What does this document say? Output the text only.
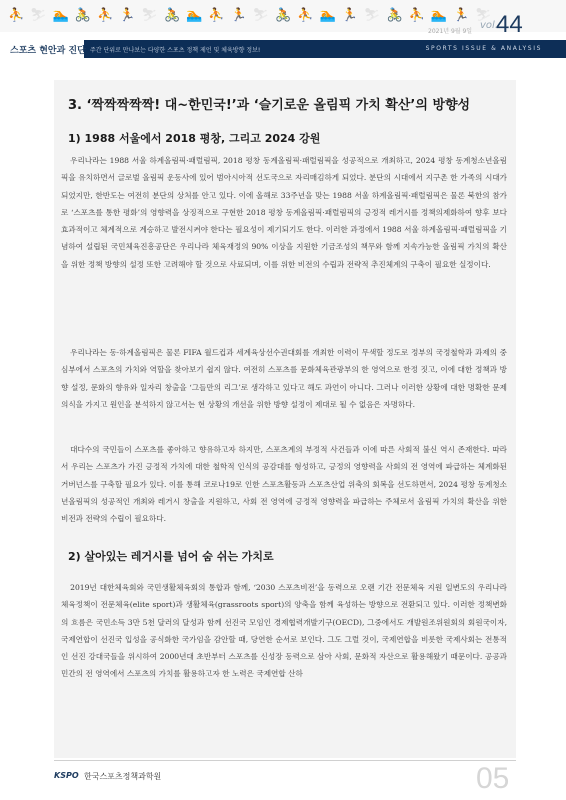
⛹⛷🏊🚴⛹🏃⛷🚴🏊⛹🏃⛷🚴⛹🏊🏃⛷🚴⛹🏊🏃⛷
2021년 9월 9일
vol.
44
스포츠 현안과 진단 주간 단위로 만나보는 다양한 스포츠 정책 제언 및 체육방향 정보!	SPORTS ISSUE & ANALYSIS
3. ‘짝짝짝짝짝! 대~한민국!’과 ‘슬기로운 올림픽 가치 확산’의 방향성
1) 1988 서울에서 2018 평창, 그리고 2024 강원

우리나라는 1988 서울 하계올림픽·패럴림픽, 2018 평창 동계올림픽·패럴림픽을 성공적으로 개최하고, 2024 평창 동계청소년올림픽을 유치하면서 글로벌 올림픽 운동사에 있어 범아시아적 선도국으로 자리매김하게 되었다. 분단의 시대에서 지구촌 한 가족의 시대가 되었지만, 한반도는 여전히 분단의 상처를 안고 있다. 이에 올해로 33주년을 맞는 1988 서울 하계올림픽·패럴림픽은 물론 북한의 참가로 ‘스포츠를 통한 평화’의 영향력을 상징적으로 구현한 2018 평창 동계올림픽·패럴림픽의 긍정적 레거시를 정책의제화하여 향후 보다 효과적이고 체계적으로 계승하고 발전시켜야 한다는 필요성이 제기되기도 한다. 이러한 과정에서 1988 서울 하계올림픽·패럴림픽을 기념하여 설립된 국민체육진흥공단은 우리나라 체육재정의 90% 이상을 지원한 기금조성의 책무와 함께 지속가능한 올림픽 가치의 확산을 위한 정책 방향의 설정 또한 고려해야 할 것으로 사료되며, 이를 위한 비전의 수립과 전략적 추진체계의 구축이 필요한 실정이다.

우리나라는 동·하계올림픽은 물론 FIFA 월드컵과 세계육상선수권대회를 개최한 이력이 무색할 정도로 정부의 국정철학과 과제의 중심부에서 스포츠의 가치와 역할을 찾아보기 쉽지 않다. 여전히 스포츠를 문화체육관광부의 한 영역으로 한정 짓고, 이에 대한 정책과 방향 설정, 문화의 향유와 일자리 창출을 ‘그들만의 리그’로 생각하고 있다고 해도 과언이 아니다. 그러나 이러한 상황에 대한 명확한 문제의식을 가지고 원인을 분석하지 않고서는 현 상황의 개선을 위한 방향 설정이 제대로 될 수 없음은 자명하다.

대다수의 국민들이 스포츠를 좋아하고 향유하고자 하지만, 스포츠계의 부정적 사건들과 이에 따른 사회적 불신 역시 존재한다. 따라서 우리는 스포츠가 가진 긍정적 가치에 대한 철학적 인식의 공감대를 형성하고, 긍정의 영향력을 사회의 전 영역에 파급하는 체계화된 거버넌스를 구축할 필요가 있다. 이를 통해 코로나19로 인한 스포츠활동과 스포츠산업 위축의 회복을 선도하면서, 2024 평창 동계청소년올림픽의 성공적인 개최와 레거시 창출을 지원하고, 사회 전 영역에 긍정적 영향력을 파급하는 주체로서 올림픽 가치의 확산을 위한 비전과 전략의 수립이 필요하다.

2) 살아있는 레거시를 넘어 숨 쉬는 가치로

2019년 대한체육회와 국민생활체육회의 통합과 함께, ‘2030 스포츠비전’을 동력으로 오랜 기간 전문체육 지원 일변도의 우리나라 체육정책이 전문체육(elite sport)과 생활체육(grassroots sport)의 양축을 함께 육성하는 방향으로 전환되고 있다. 이러한 정책변화의 흐름은 국민소득 3만 5천 달러의 달성과 함께 선진국 모임인 경제협력개발기구(OECD), 그중에서도 개발원조위원회의 회원국이자, 국제연합이 선진국 입성을 공식화한 국가임을 감안할 때, 당연한 순서로 보인다. 그도 그럴 것이, 국제연합을 비롯한 국제사회는 전통적인 선진 강대국들을 위시하여 2000년대 초반부터 스포츠를 신성장 동력으로 삼아 사회, 문화적 자산으로 활용해왔기 때문이다. 공공과 민간의 전 영역에서 스포츠의 가치를 활용하고자 한 노력은 국제연합 산하

KSPO 한국스포츠정책과학원	05
